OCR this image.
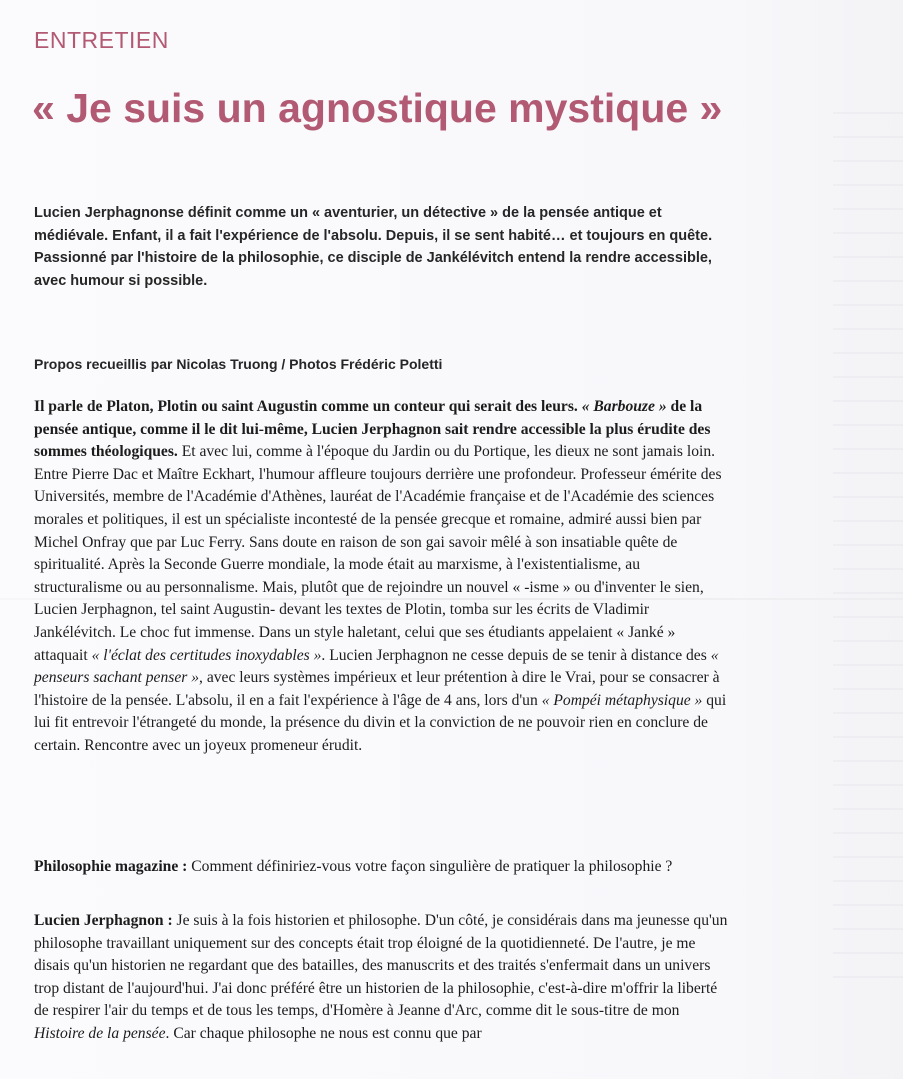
ENTRETIEN
« Je suis un agnostique mystique »

Lucien Jerphagnonse définit comme un « aventurier, un détective » de la pensée antique et médiévale. Enfant, il a fait l'expérience de l'absolu. Depuis, il se sent habité… et toujours en quête. Passionné par l'histoire de la philosophie, ce disciple de Jankélévitch entend la rendre accessible, avec humour si possible.

Propos recueillis par Nicolas Truong / Photos Frédéric Poletti

Il parle de Platon, Plotin ou saint Augustin comme un conteur qui serait des leurs. « Barbouze » de la pensée antique, comme il le dit lui-même, Lucien Jerphagnon sait rendre accessible la plus érudite des sommes théologiques. Et avec lui, comme à l'époque du Jardin ou du Portique, les dieux ne sont jamais loin. Entre Pierre Dac et Maître Eckhart, l'humour affleure toujours derrière une profondeur. Professeur émérite des Universités, membre de l'Académie d'Athènes, lauréat de l'Académie française et de l'Académie des sciences morales et politiques, il est un spécialiste incontesté de la pensée grecque et romaine, admiré aussi bien par Michel Onfray que par Luc Ferry. Sans doute en raison de son gai savoir mêlé à son insatiable quête de spiritualité. Après la Seconde Guerre mondiale, la mode était au marxisme, à l'existentialisme, au structuralisme ou au personnalisme. Mais, plutôt que de rejoindre un nouvel « -isme » ou d'inventer le sien, Lucien Jerphagnon, tel saint Augustin- devant les textes de Plotin, tomba sur les écrits de Vladimir Jankélévitch. Le choc fut immense. Dans un style haletant, celui que ses étudiants appelaient « Janké » attaquait « l'éclat des certitudes inoxydables ». Lucien Jerphagnon ne cesse depuis de se tenir à distance des « penseurs sachant penser », avec leurs systèmes impérieux et leur prétention à dire le Vrai, pour se consacrer à l'histoire de la pensée. L'absolu, il en a fait l'expérience à l'âge de 4 ans, lors d'un « Pompéi métaphysique » qui lui fit entrevoir l'étrangeté du monde, la présence du divin et la conviction de ne pouvoir rien en conclure de certain. Rencontre avec un joyeux promeneur érudit.

Philosophie magazine : Comment définiriez-vous votre façon singulière de pratiquer la philosophie ?

Lucien Jerphagnon : Je suis à la fois historien et philosophe. D'un côté, je considérais dans ma jeunesse qu'un philosophe travaillant uniquement sur des concepts était trop éloigné de la quotidienneté. De l'autre, je me disais qu'un historien ne regardant que des batailles, des manuscrits et des traités s'enfermait dans un univers trop distant de l'aujourd'hui. J'ai donc préféré être un historien de la philosophie, c'est-à-dire m'offrir la liberté de respirer l'air du temps et de tous les temps, d'Homère à Jeanne d'Arc, comme dit le sous-titre de mon Histoire de la pensée. Car chaque philosophe ne nous est connu que par
